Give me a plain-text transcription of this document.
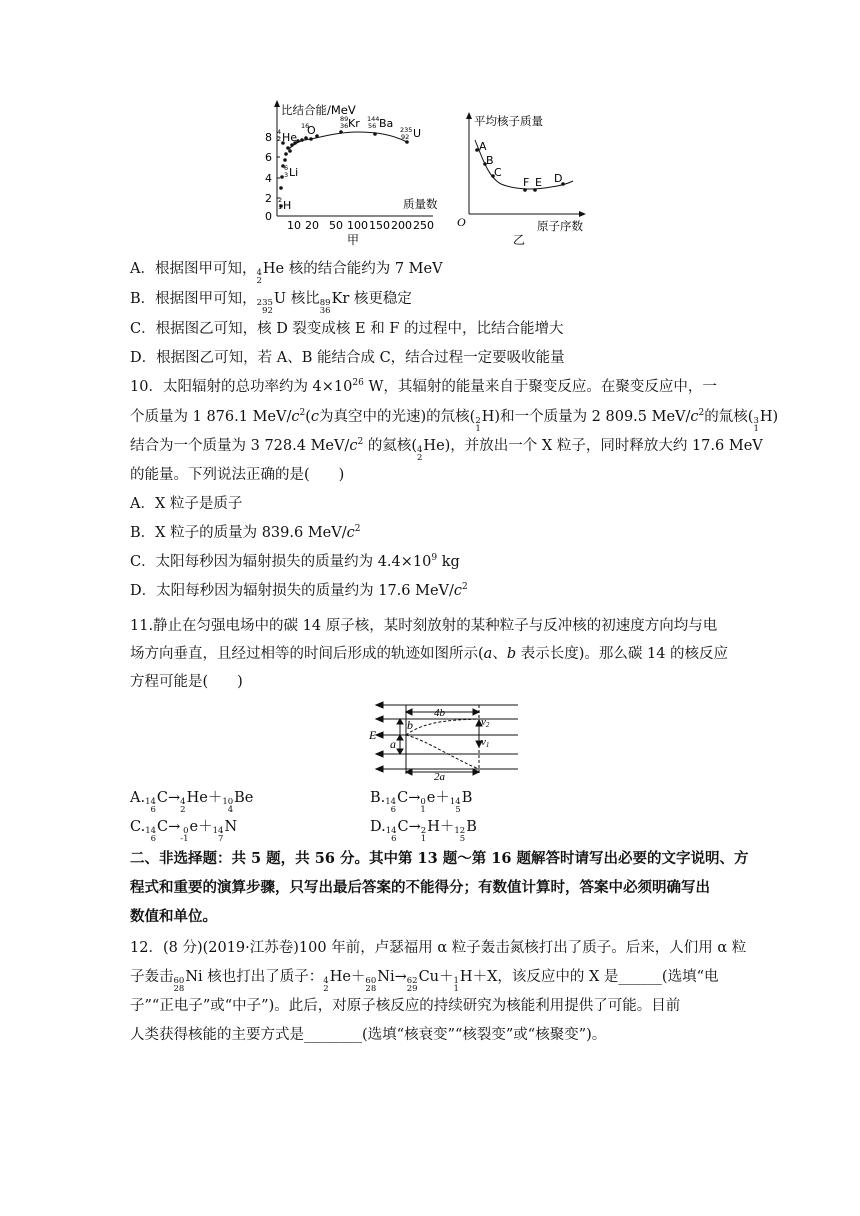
比结合能/MeV
8
6
4
2
0
10 20 50 100 150 200 250
质量数
甲
2 1H
6 3Li
4 2He
16O
89 36Kr 144 56 Ba 235 92 U
平均核子质量
原子序数
O
乙
A
B
C
F E D
A．根据图甲可知， 4
2
He 核的结合能约为 7 MeV
B．根据图甲可知， 235
92
U 核比 89
36
Kr 核更稳定
C．根据图乙可知，核 D 裂变成核 E 和 F 的过程中，比结合能增大
D．根据图乙可知，若 A、B 能结合成 C，结合过程一定要吸收能量
10．太阳辐射的总功率约为 $4\times 10^{26}$ W，其辐射的能量来自于聚变反应。在聚变反应中，一
个质量为 1 876.1 MeV/$c^2(c$为真空中的光速)的氘核( 2
1
H)和一个质量为 2 809.5 MeV/$c^2$的氚核( 3
1
H)
结合为一个质量为 3 728.4 MeV/$c^2$ 的氦核( 4
2
He)，并放出一个 X 粒子，同时释放大约 17.6 MeV
的能量。下列说法正确的是(　　)
A．X 粒子是质子
B．X 粒子的质量为 839.6 MeV/$c^2$
C．太阳每秒因为辐射损失的质量约为 $4.4\times 10^9$ kg
D．太阳每秒因为辐射损失的质量约为 17.6 MeV/$c^2$
11.静止在匀强电场中的碳 14 原子核，某时刻放射的某种粒子与反冲核的初速度方向均与电
场方向垂直，且经过相等的时间后形成的轨迹如图所示(a、b 表示长度)。那么碳 14 的核反应
方程可能是(　　)
E
b
a
4b
2a
v2
v1
A. 14
6
C→ 4
2
He＋ 10
4
Be	B. 14
6
C→ 0
1
e＋ 14
5
B
C. 14
6
C→ 0
-1
e＋ 14
7
N	D. 14
6
C→ 2
1
H＋ 12
5
B
二、非选择题：共 5 题，共 56 分。其中第 13 题～第 16 题解答时请写出必要的文字说明、方
程式和重要的演算步骤，只写出最后答案的不能得分；有数值计算时，答案中必须明确写出
数值和单位。
12．(8 分)(2019·江苏卷)100 年前，卢瑟福用 α 粒子轰击氮核打出了质子。后来，人们用 α 粒
子轰击 60
28
Ni 核也打出了质子： 4
2
He＋ 60
28
Ni→ 62
29
Cu＋ 1
1
H＋X，该反应中的 X 是______(选填“电
子”“正电子”或“中子”)。此后，对原子核反应的持续研究为核能利用提供了可能。目前
人类获得核能的主要方式是________(选填“核衰变”“核裂变”或“核聚变”)。
